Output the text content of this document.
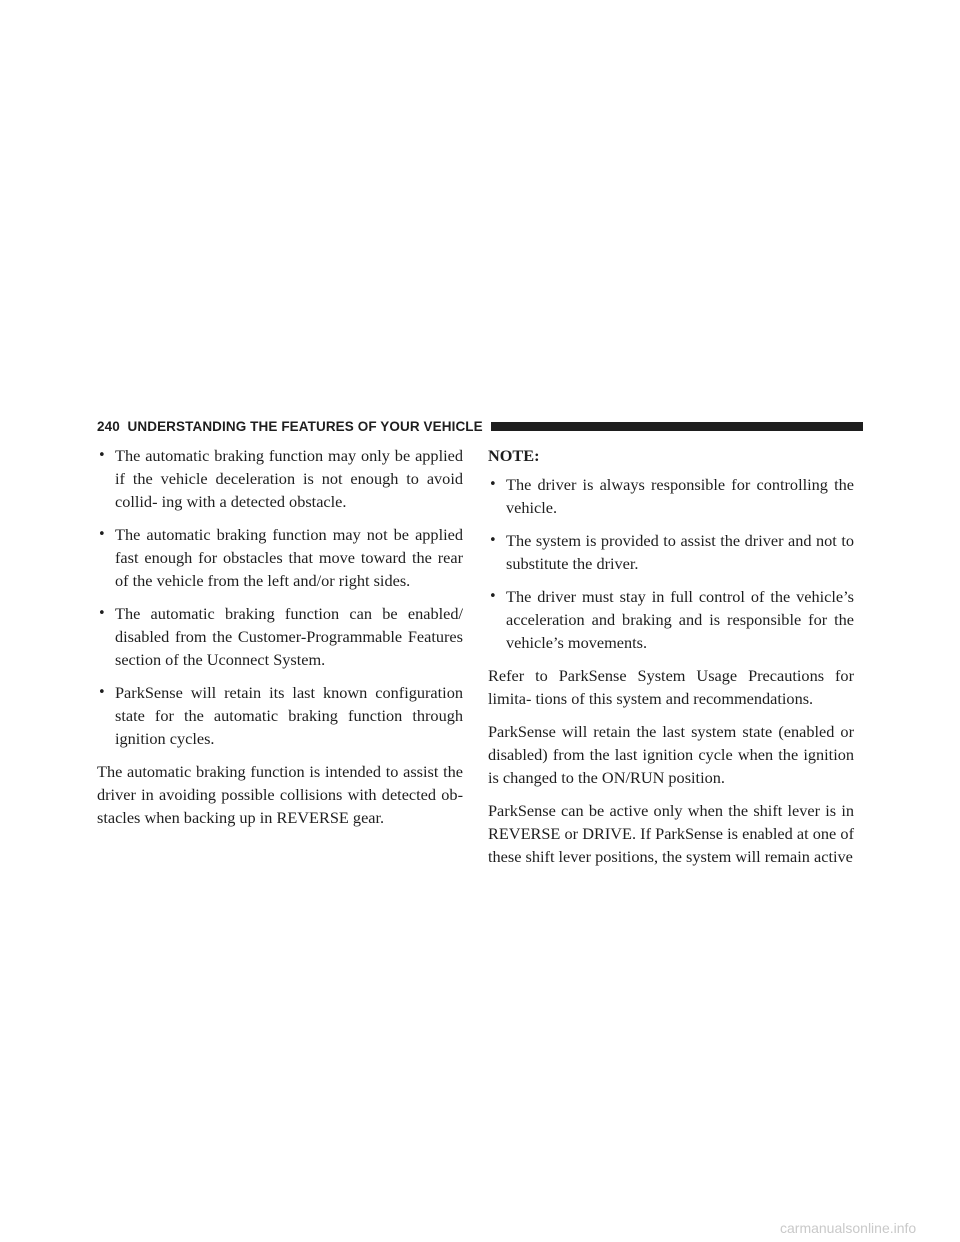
240 UNDERSTANDING THE FEATURES OF YOUR VEHICLE
• The automatic braking function may only be applied if the vehicle deceleration is not enough to avoid collid- ing with a detected obstacle.
• The automatic braking function may not be applied fast enough for obstacles that move toward the rear of the vehicle from the left and/or right sides.
• The automatic braking function can be enabled/ disabled from the Customer-Programmable Features section of the Uconnect System.
• ParkSense will retain its last known configuration state for the automatic braking function through ignition cycles.

The automatic braking function is intended to assist the driver in avoiding possible collisions with detected ob- stacles when backing up in REVERSE gear.

NOTE:

• The driver is always responsible for controlling the vehicle.
• The system is provided to assist the driver and not to substitute the driver.
• The driver must stay in full control of the vehicle’s acceleration and braking and is responsible for the vehicle’s movements.

Refer to ParkSense System Usage Precautions for limita- tions of this system and recommendations.

ParkSense will retain the last system state (enabled or disabled) from the last ignition cycle when the ignition is changed to the ON/RUN position.

ParkSense can be active only when the shift lever is in REVERSE or DRIVE. If ParkSense is enabled at one of these shift lever positions, the system will remain active

carmanualsonline.info
